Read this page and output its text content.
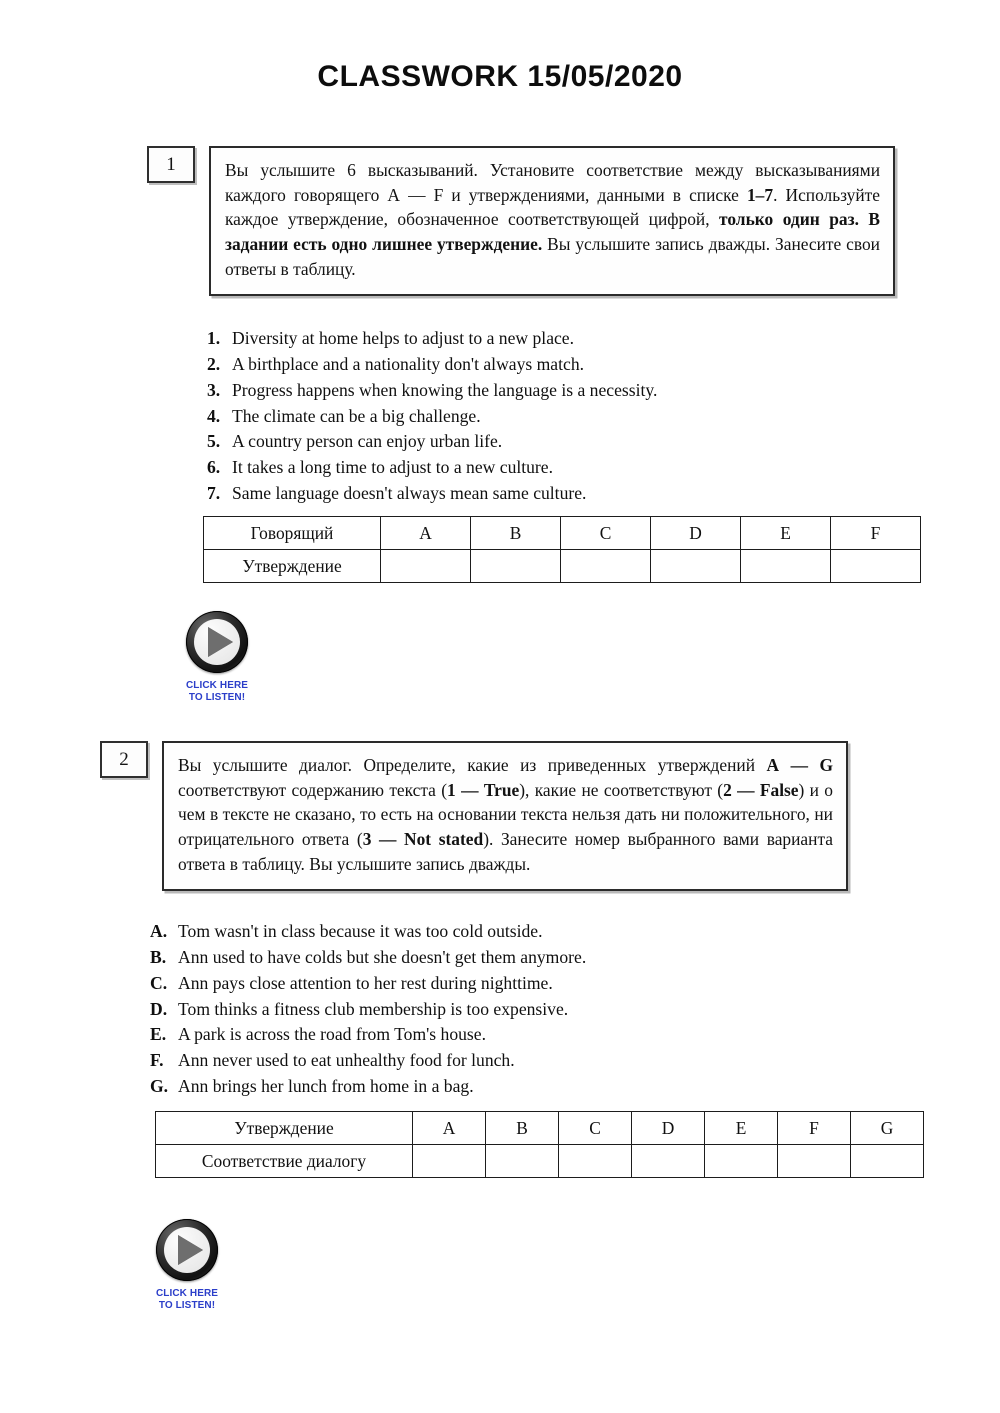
CLASSWORK 15/05/2020
1	Вы услышите 6 высказываний. Установите соответствие между высказываниями каждого говорящего A — F и утверждениями, данными в списке 1–7. Используйте каждое утверждение, обозначенное соответствующей цифрой, только один раз. В задании есть одно лишнее утверждение. Вы услышите запись дважды. Занесите свои ответы в таблицу.
1. Diversity at home helps to adjust to a new place.
2. A birthplace and a nationality don't always match.
3. Progress happens when knowing the language is a necessity.
4. The climate can be a big challenge.
5. A country person can enjoy urban life.
6. It takes a long time to adjust to a new culture.
7. Same language doesn't always mean same culture.
Говорящий	A	B	C	D	E	F
Утверждение						
CLICK HERE
TO LISTEN!
2	Вы услышите диалог. Определите, какие из приведенных утверждений A — G соответствуют содержанию текста (1 — True), какие не соответствуют (2 — False) и о чем в тексте не сказано, то есть на основании текста нельзя дать ни положительного, ни отрицательного ответа (3 — Not stated). Занесите номер выбранного вами варианта ответа в таблицу. Вы услышите запись дважды.
A. Tom wasn't in class because it was too cold outside.
B. Ann used to have colds but she doesn't get them anymore.
C. Ann pays close attention to her rest during nighttime.
D. Tom thinks a fitness club membership is too expensive.
E. A park is across the road from Tom's house.
F. Ann never used to eat unhealthy food for lunch.
G. Ann brings her lunch from home in a bag.
Утверждение	A	B	C	D	E	F	G
Соответствие диалогу							
CLICK HERE
TO LISTEN!
